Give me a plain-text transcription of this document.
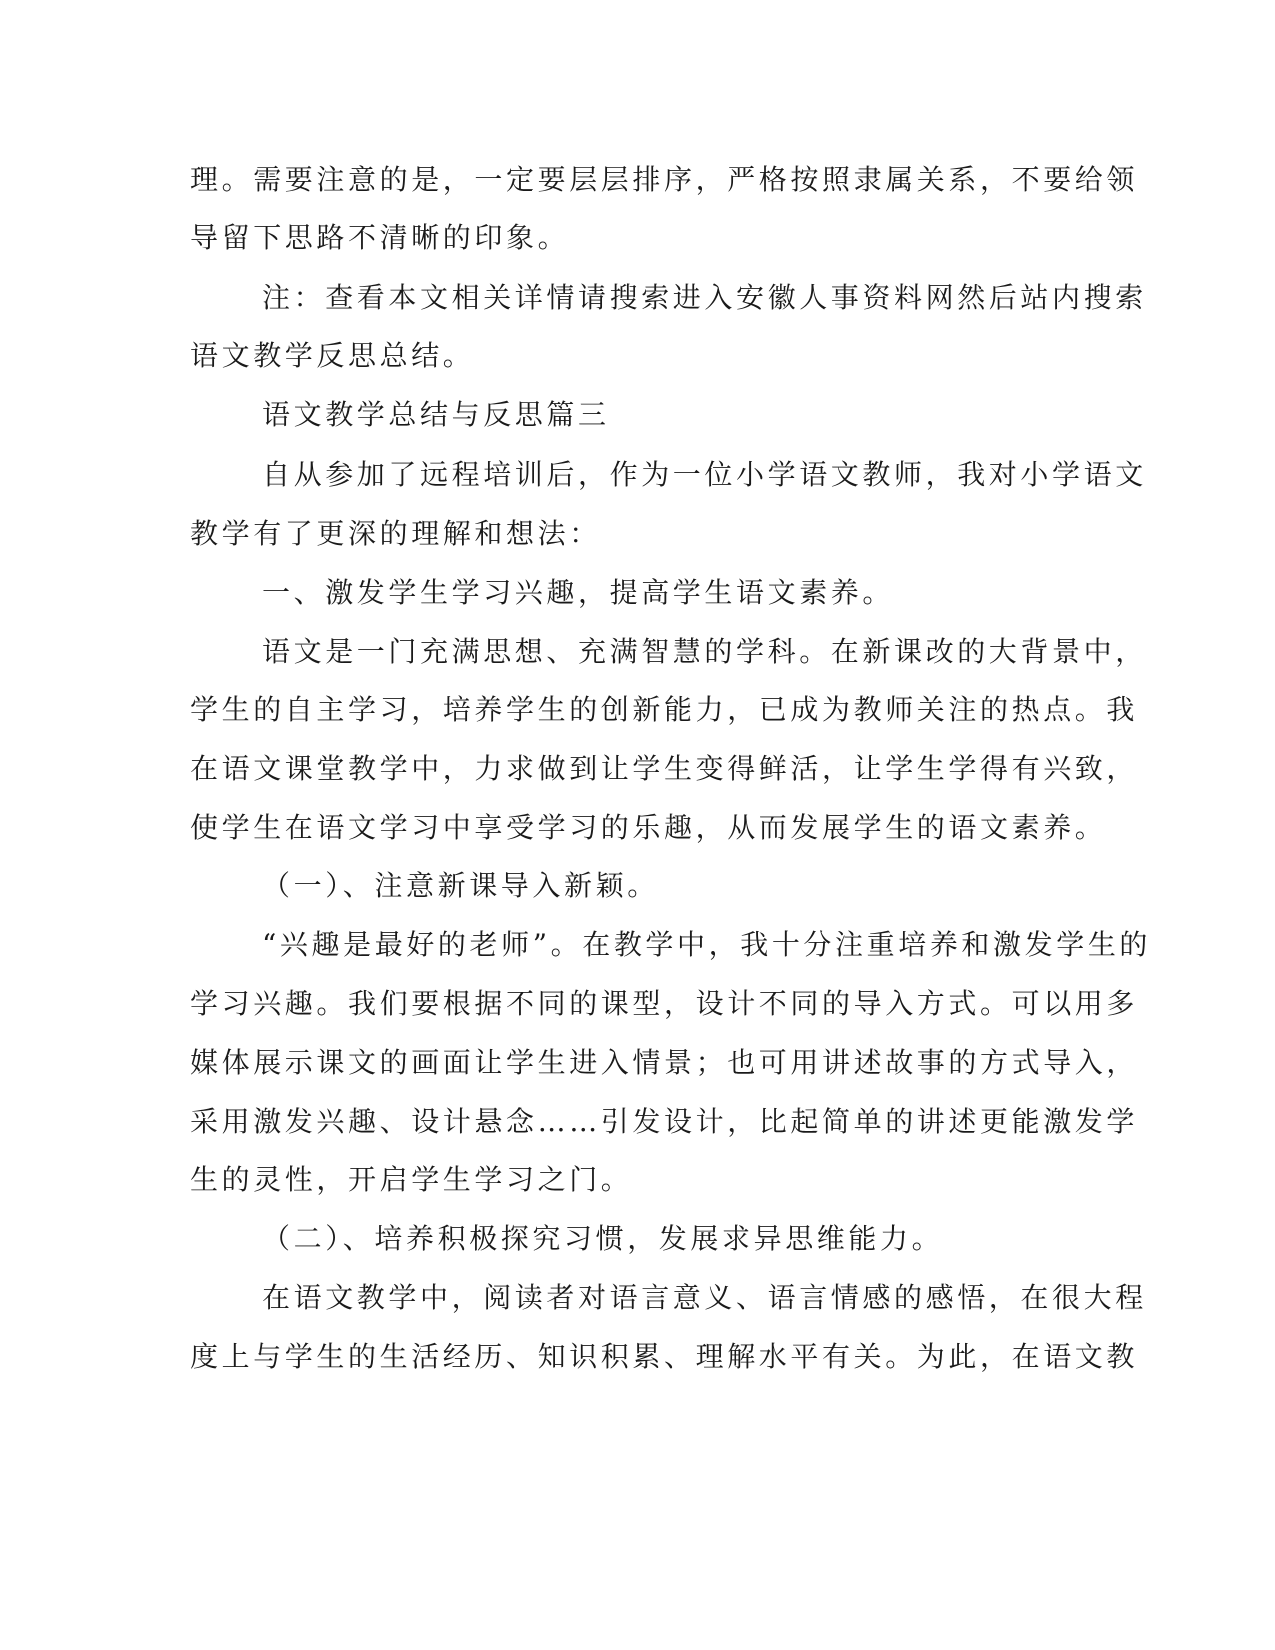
理。需要注意的是，一定要层层排序，严格按照隶属关系，不要给领
导留下思路不清晰的印象。
注：查看本文相关详情请搜索进入安徽人事资料网然后站内搜索
语文教学反思总结。
语文教学总结与反思篇三
自从参加了远程培训后，作为一位小学语文教师，我对小学语文
教学有了更深的理解和想法：
一、激发学生学习兴趣，提高学生语文素养。
语文是一门充满思想、充满智慧的学科。在新课改的大背景中，
学生的自主学习，培养学生的创新能力，已成为教师关注的热点。我
在语文课堂教学中，力求做到让学生变得鲜活，让学生学得有兴致，
使学生在语文学习中享受学习的乐趣，从而发展学生的语文素养。
（一）、注意新课导入新颖。
“兴趣是最好的老师”。在教学中，我十分注重培养和激发学生的
学习兴趣。我们要根据不同的课型，设计不同的导入方式。可以用多
媒体展示课文的画面让学生进入情景；也可用讲述故事的方式导入，
采用激发兴趣、设计悬念……引发设计，比起简单的讲述更能激发学
生的灵性，开启学生学习之门。
（二）、培养积极探究习惯，发展求异思维能力。
在语文教学中，阅读者对语言意义、语言情感的感悟，在很大程
度上与学生的生活经历、知识积累、理解水平有关。为此，在语文教
